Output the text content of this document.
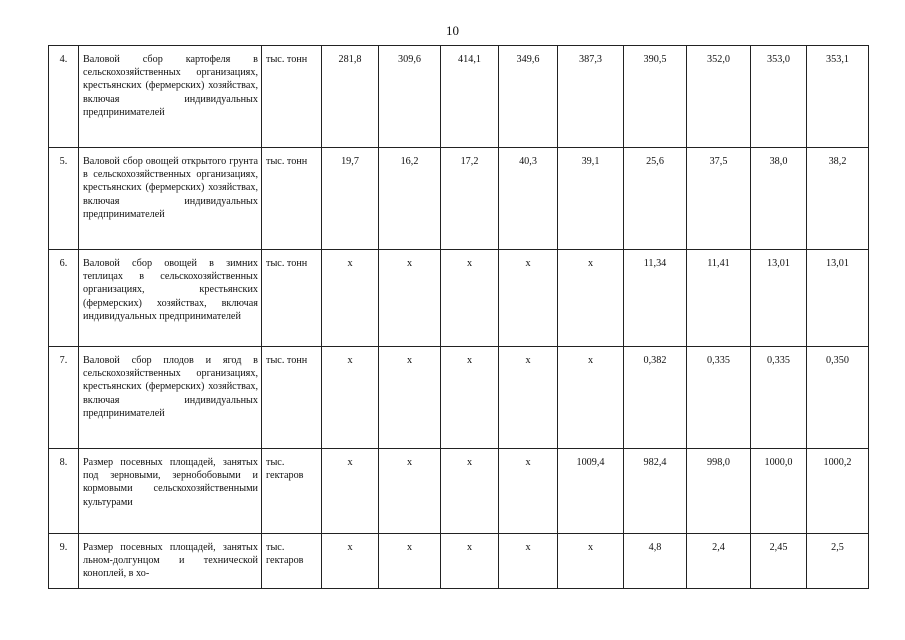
10
4.	Валовой сбор картофеля в сельскохозяйственных организациях, крестьянских (фермерских) хозяйствах, включая индивидуальных предпринимателей	тыс. тонн	281,8	309,6	414,1	349,6	387,3	390,5	352,0	353,0	353,1
5.	Валовой сбор овощей открытого грунта в сельскохозяйственных организациях, крестьянских (фермерских) хозяйствах, включая индивидуальных предпринимателей	тыс. тонн	19,7	16,2	17,2	40,3	39,1	25,6	37,5	38,0	38,2
6.	Валовой сбор овощей в зимних теплицах в сельскохозяйственных организациях, крестьянских (фермерских) хозяйствах, включая индивидуальных предпринимателей	тыс. тонн	х	х	х	х	х	11,34	11,41	13,01	13,01
7.	Валовой сбор плодов и ягод в сельскохозяйственных организациях, крестьянских (фермерских) хозяйствах, включая индивидуальных предпринимателей	тыс. тонн	х	х	х	х	х	0,382	0,335	0,335	0,350
8.	Размер посевных площадей, занятых под зерновыми, зернобобовыми и кормовыми сельскохозяйственными культурами	тыс. гектаров	х	х	х	х	1009,4	982,4	998,0	1000,0	1000,2
9.	Размер посевных площадей, занятых льном-долгунцом и технической коноплей, в хо-	тыс. гектаров	х	х	х	х	х	4,8	2,4	2,45	2,5
